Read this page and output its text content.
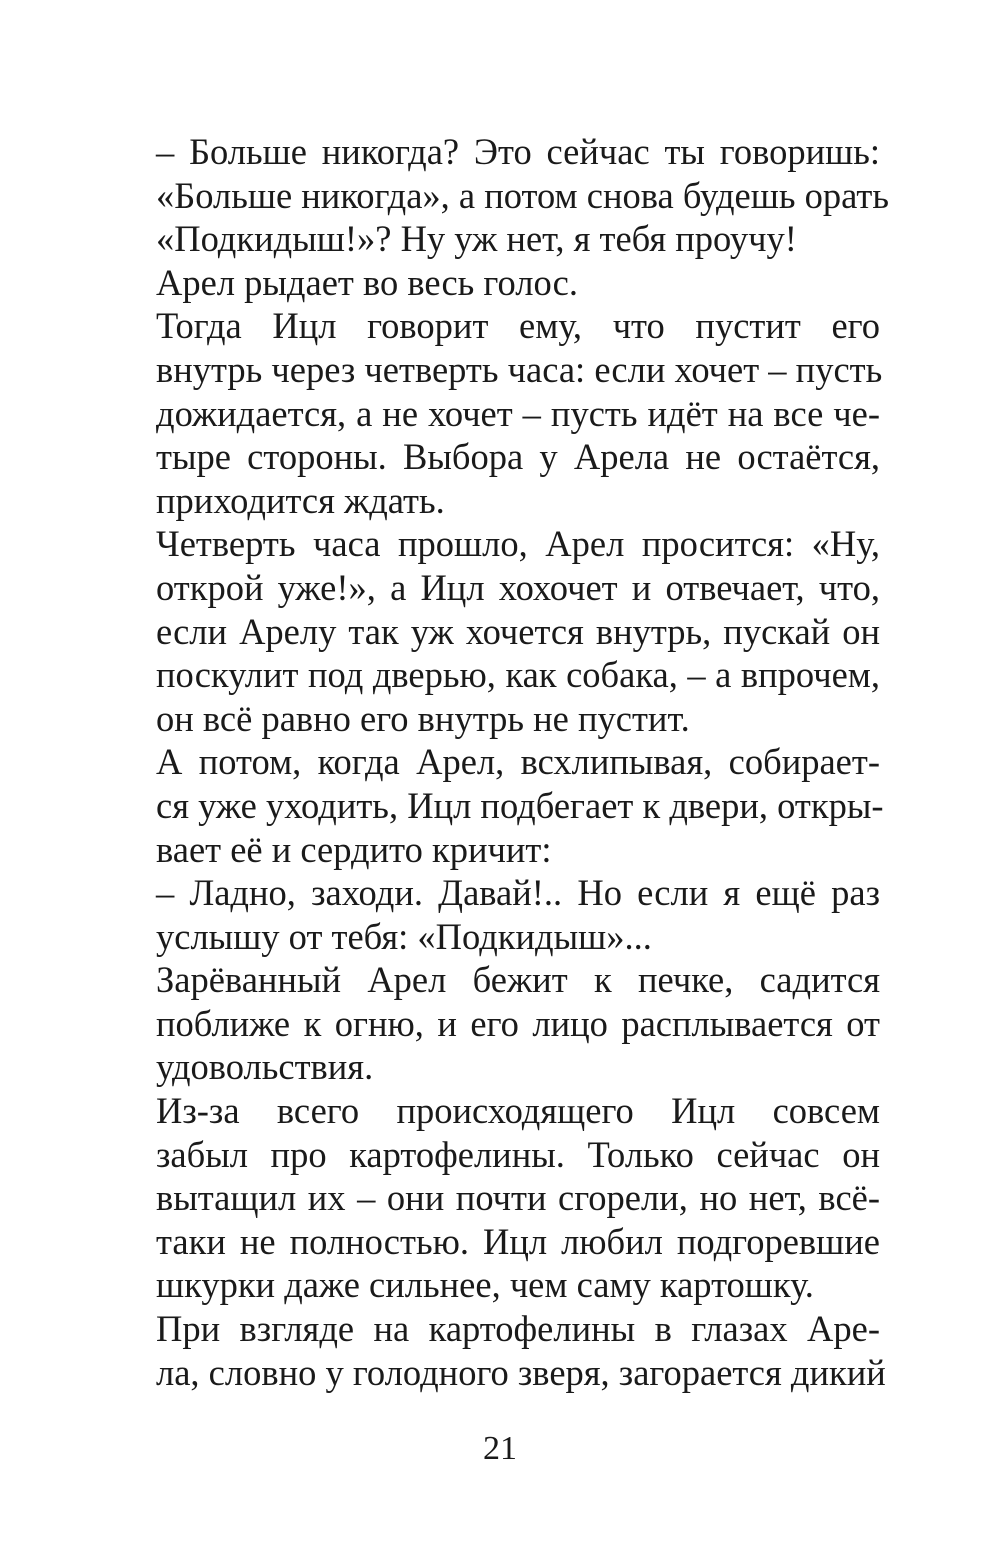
– Больше никогда? Это сейчас ты говоришь:
«Больше никогда», а потом снова будешь орать
«Подкидыш!»? Ну уж нет, я тебя проучу!
Арел рыдает во весь голос.
Тогда Ицл говорит ему, что пустит его
внутрь через четверть часа: если хочет – пусть
дожидается, а не хочет – пусть идёт на все че-
тыре стороны. Выбора у Арела не остаётся,
приходится ждать.
Четверть часа прошло, Арел просится: «Ну,
открой уже!», а Ицл хохочет и отвечает, что,
если Арелу так уж хочется внутрь, пускай он
поскулит под дверью, как собака, – а впрочем,
он всё равно его внутрь не пустит.
А потом, когда Арел, всхлипывая, собирает-
ся уже уходить, Ицл подбегает к двери, откры-
вает её и сердито кричит:
– Ладно, заходи. Давай!.. Но если я ещё раз
услышу от тебя: «Подкидыш»...
Зарёванный Арел бежит к печке, садится
поближе к огню, и его лицо расплывается от
удовольствия.
Из-за всего происходящего Ицл совсем
забыл про картофелины. Только сейчас он
вытащил их – они почти сгорели, но нет, всё-
таки не полностью. Ицл любил подгоревшие
шкурки даже сильнее, чем саму картошку.
При взгляде на картофелины в глазах Аре-
ла, словно у голодного зверя, загорается дикий
21
